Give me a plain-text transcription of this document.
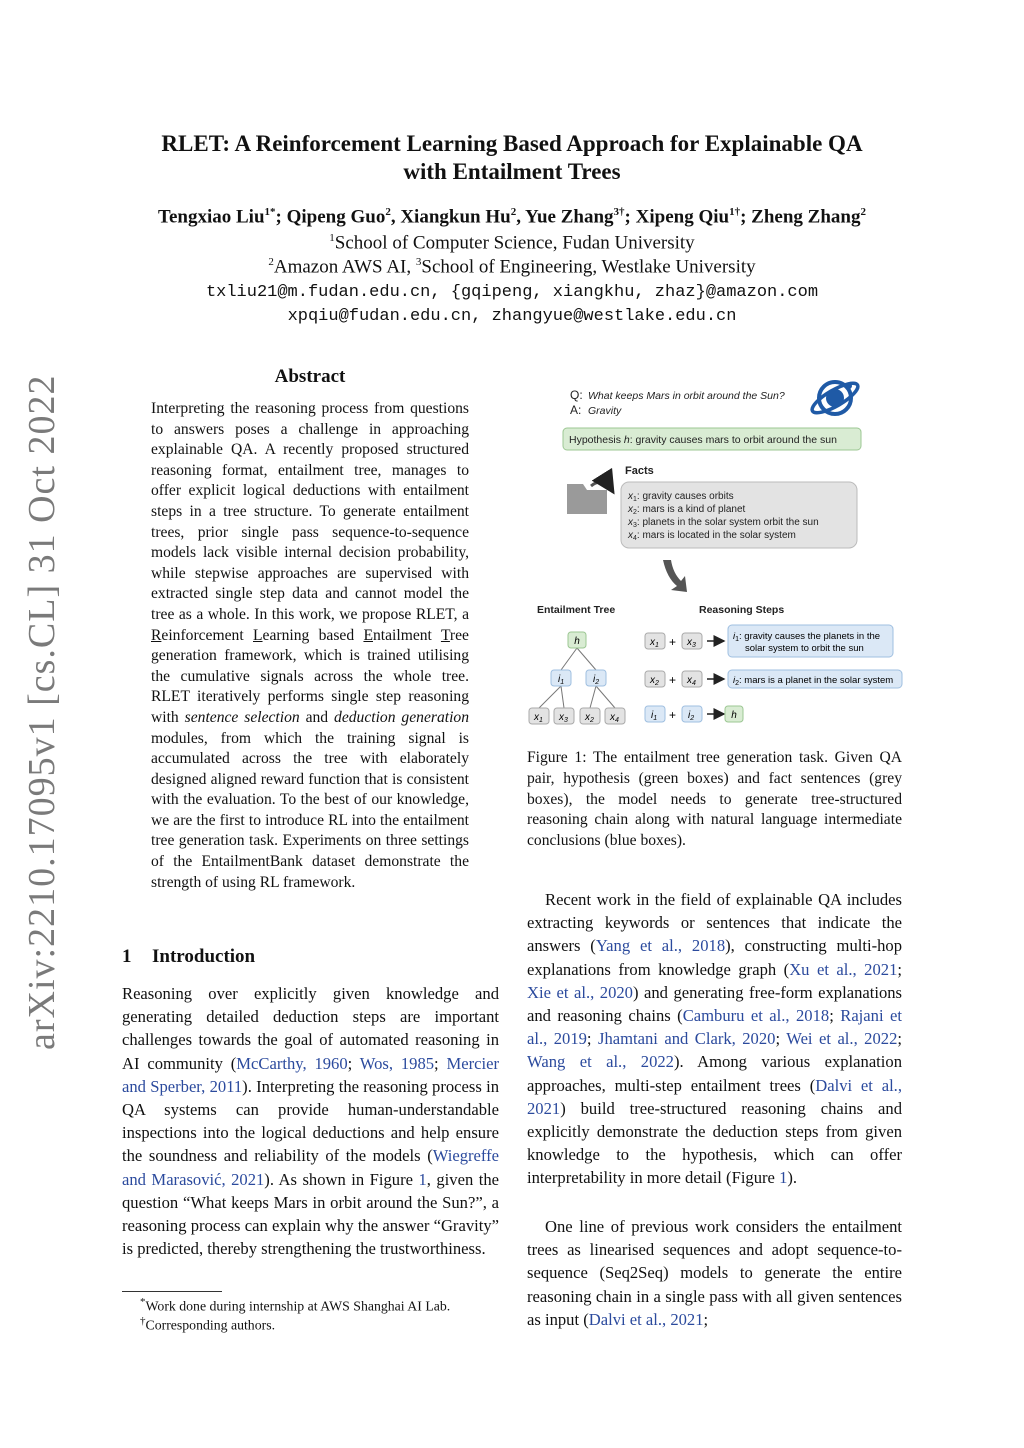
RLET: A Reinforcement Learning Based Approach for Explainable QA
with Entailment Trees
Tengxiao Liu$^{1*}$; Qipeng Guo$^2$, Xiangkun Hu$^2$, Yue Zhang$^{3\dagger}$; Xipeng Qiu$^{1\dagger}$; Zheng Zhang$^2$
$^1$School of Computer Science, Fudan University
$^2$Amazon AWS AI, $^3$School of Engineering, Westlake University
txliu21@m.fudan.edu.cn, {gqipeng, xiangkhu, zhaz}@amazon.com
xpqiu@fudan.edu.cn, zhangyue@westlake.edu.cn
arXiv:2210.17095v1 [cs.CL] 31 Oct 2022	Abstract
Interpreting the reasoning process from questions to answers poses a challenge in approaching explainable QA. A recently proposed structured reasoning format, entailment tree, manages to offer explicit logical deductions with entailment steps in a tree structure. To generate entailment trees, prior single pass sequence-to-sequence models lack visible internal decision probability, while stepwise approaches are supervised with extracted single step data and cannot model the tree as a whole. In this work, we propose RLET, a Reinforcement Learning based Entailment Tree generation framework, which is trained utilising the cumulative signals across the whole tree. RLET iteratively performs single step reasoning with sentence selection and deduction generation modules, from which the training signal is accumulated across the tree with elaborately designed aligned reward function that is consistent with the evaluation. To the best of our knowledge, we are the first to introduce RL into the entailment tree generation task. Experiments on three settings of the EntailmentBank dataset demonstrate the strength of using RL framework.
1 Introduction
Reasoning over explicitly given knowledge and generating detailed deduction steps are important challenges towards the goal of automated reasoning in AI community (McCarthy, 1960; Wos, 1985; Mercier and Sperber, 2011). Interpreting the reasoning process in QA systems can provide human-understandable inspections into the logical deductions and help ensure the soundness and reliability of the models (Wiegreffe and Marasović, 2021). As shown in Figure 1, given the question “What keeps Mars in orbit around the Sun?”, a reasoning process can explain why the answer “Gravity” is predicted, thereby strengthening the trustworthiness.
*Work done during internship at AWS Shanghai AI Lab.
†Corresponding authors.
Q: What keeps Mars in orbit around the Sun?
A: Gravity
Hypothesis h: gravity causes mars to orbit around the sun
Facts
$x_1$: gravity causes orbits
$x_2$: mars is a kind of planet
$x_3$: planets in the solar system orbit the sun
$x_4$: mars is located in the solar system
Entailment Tree	Reasoning Steps
h
$i_1$	$i_2$
$x_1$ $x_3$ $x_2$ $x_4$
$x_1 + x_3$
$i_1$: gravity causes the planets in the
solar system to orbit the sun
$x_2 + x_4$	$i_2$: mars is a planet in the solar system
$i_1 + i_2$	h
Figure 1: The entailment tree generation task. Given QA pair, hypothesis (green boxes) and fact sentences (grey boxes), the model needs to generate tree-structured reasoning chain along with natural language intermediate conclusions (blue boxes).
Recent work in the field of explainable QA includes extracting keywords or sentences that indicate the answers (Yang et al., 2018), constructing multi-hop explanations from knowledge graph (Xu et al., 2021; Xie et al., 2020) and generating free-form explanations and reasoning chains (Camburu et al., 2018; Rajani et al., 2019; Jhamtani and Clark, 2020; Wei et al., 2022; Wang et al., 2022). Among various explanation approaches, multi-step entailment trees (Dalvi et al., 2021) build tree-structured reasoning chains and explicitly demonstrate the deduction steps from given knowledge to the hypothesis, which can offer interpretability in more detail (Figure 1).
One line of previous work considers the entailment trees as linearised sequences and adopt sequence-to-sequence (Seq2Seq) models to generate the entire reasoning chain in a single pass with all given sentences as input (Dalvi et al., 2021;
